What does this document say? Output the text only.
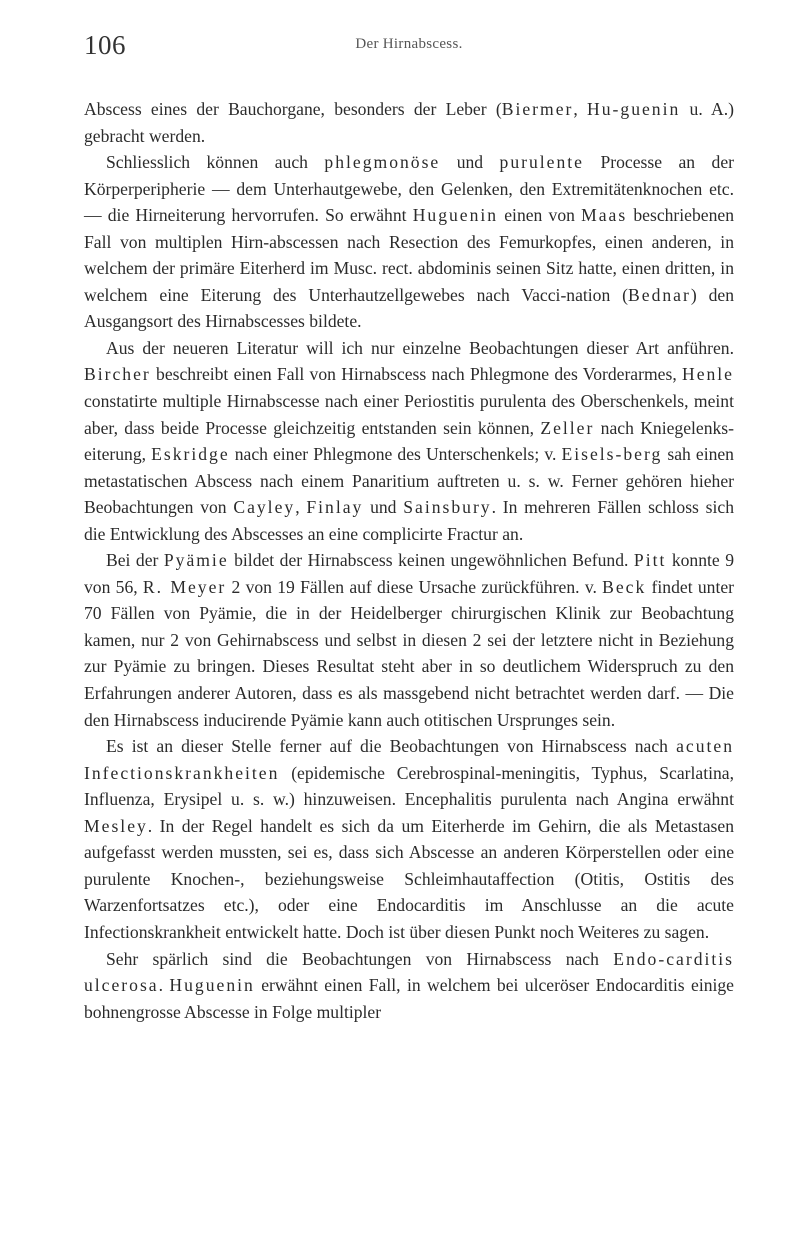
106	Der Hirnabscess.

Abscess eines der Bauchorgane, besonders der Leber (Biermer, Hu-guenin u. A.) gebracht werden.

Schliesslich können auch phlegmonöse und purulente Processe an der Körperperipherie — dem Unterhautgewebe, den Gelenken, den Extremitätenknochen etc. — die Hirneiterung hervorrufen. So erwähnt Huguenin einen von Maas beschriebenen Fall von multiplen Hirn-abscessen nach Resection des Femurkopfes, einen anderen, in welchem der primäre Eiterherd im Musc. rect. abdominis seinen Sitz hatte, einen dritten, in welchem eine Eiterung des Unterhautzellgewebes nach Vacci-nation (Bednar) den Ausgangsort des Hirnabscesses bildete.

Aus der neueren Literatur will ich nur einzelne Beobachtungen dieser Art anführen. Bircher beschreibt einen Fall von Hirnabscess nach Phlegmone des Vorderarmes, Henle constatirte multiple Hirnabscesse nach einer Periostitis purulenta des Oberschenkels, meint aber, dass beide Processe gleichzeitig entstanden sein können, Zeller nach Kniegelenks-eiterung, Eskridge nach einer Phlegmone des Unterschenkels; v. Eisels-berg sah einen metastatischen Abscess nach einem Panaritium auftreten u. s. w. Ferner gehören hieher Beobachtungen von Cayley, Finlay und Sainsbury. In mehreren Fällen schloss sich die Entwicklung des Abscesses an eine complicirte Fractur an.

Bei der Pyämie bildet der Hirnabscess keinen ungewöhnlichen Befund. Pitt konnte 9 von 56, R. Meyer 2 von 19 Fällen auf diese Ursache zurückführen. v. Beck findet unter 70 Fällen von Pyämie, die in der Heidelberger chirurgischen Klinik zur Beobachtung kamen, nur 2 von Gehirnabscess und selbst in diesen 2 sei der letztere nicht in Beziehung zur Pyämie zu bringen. Dieses Resultat steht aber in so deutlichem Widerspruch zu den Erfahrungen anderer Autoren, dass es als massgebend nicht betrachtet werden darf. — Die den Hirnabscess inducirende Pyämie kann auch otitischen Ursprunges sein.

Es ist an dieser Stelle ferner auf die Beobachtungen von Hirnabscess nach acuten Infectionskrankheiten (epidemische Cerebrospinal-meningitis, Typhus, Scarlatina, Influenza, Erysipel u. s. w.) hinzuweisen. Encephalitis purulenta nach Angina erwähnt Mesley. In der Regel handelt es sich da um Eiterherde im Gehirn, die als Metastasen aufgefasst werden mussten, sei es, dass sich Abscesse an anderen Körperstellen oder eine purulente Knochen-, beziehungsweise Schleimhautaffection (Otitis, Ostitis des Warzenfortsatzes etc.), oder eine Endocarditis im Anschlusse an die acute Infectionskrankheit entwickelt hatte. Doch ist über diesen Punkt noch Weiteres zu sagen.

Sehr spärlich sind die Beobachtungen von Hirnabscess nach Endo-carditis ulcerosa. Huguenin erwähnt einen Fall, in welchem bei ulceröser Endocarditis einige bohnengrosse Abscesse in Folge multipler
